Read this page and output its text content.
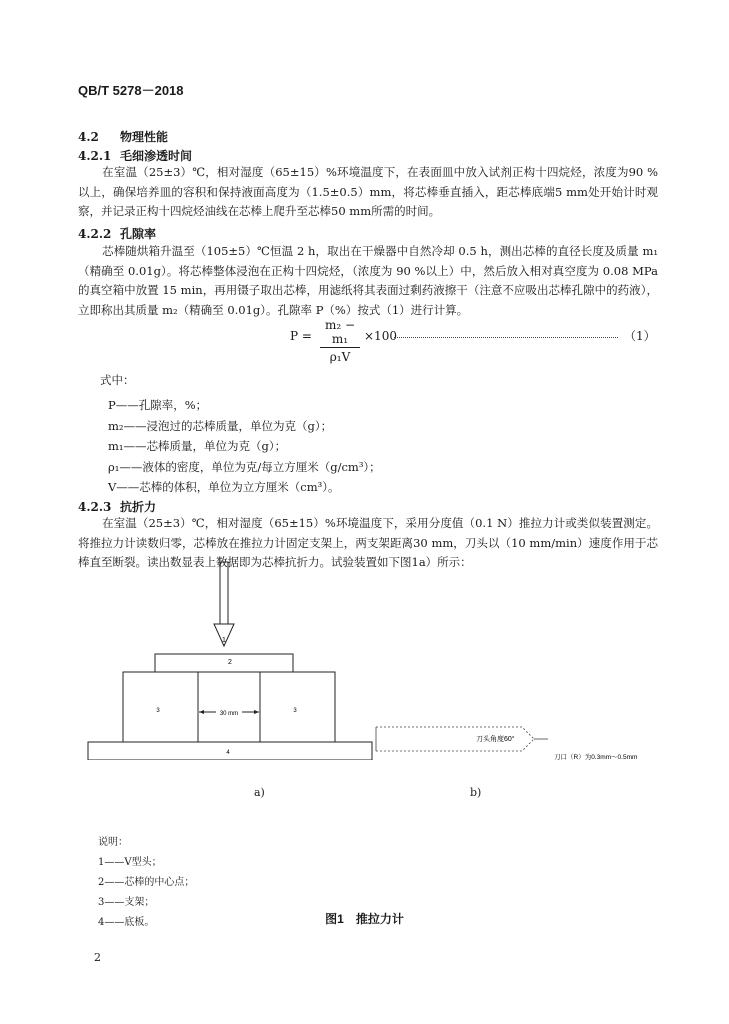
QB/T 5278－2018
4.2 物理性能
4.2.1 毛细渗透时间
在室温（25±3）℃，相对湿度（65±15）%环境温度下，在表面皿中放入试剂正构十四烷烃，浓度为90 %以上，确保培养皿的容积和保持液面高度为（1.5±0.5）mm，将芯棒垂直插入，距芯棒底端5 mm处开始计时观察，并记录正构十四烷烃油线在芯棒上爬升至芯棒50 mm所需的时间。
4.2.2 孔隙率
芯棒随烘箱升温至（105±5）℃恒温 2 h，取出在干燥器中自然冷却 0.5 h，测出芯棒的直径长度及质量 m₁（精确至 0.01g）。将芯棒整体浸泡在正构十四烷烃，（浓度为 90 %以上）中，然后放入相对真空度为 0.08 MPa 的真空箱中放置 15 min，再用镊子取出芯棒，用滤纸将其表面过剩药液擦干（注意不应吸出芯棒孔隙中的药液），立即称出其质量 m₂（精确至 0.01g）。孔隙率 P（%）按式（1）进行计算。
$P = \frac{\text{m₂ − m₁}}{\text{ρ₁V}} \times 100$	（1）
式中：
P——孔隙率，%；
m₂——浸泡过的芯棒质量，单位为克（g）；
m₁——芯棒质量，单位为克（g）；
ρ₁——液体的密度，单位为克/每立方厘米（g/cm³）；
V——芯棒的体积，单位为立方厘米（cm³）。
4.2.3 抗折力
在室温（25±3）℃，相对湿度（65±15）%环境温度下，采用分度值（0.1 N）推拉力计或类似装置测定。将推拉力计读数归零，芯棒放在推拉力计固定支架上，两支架距离30 mm，刀头以（10 mm/min）速度作用于芯棒直至断裂。读出数显表上数据即为芯棒抗折力。试验装置如下图1a）所示：
1
2
3	3
30 mm
4
刀头角度60°
刀口（R）为0.3mm～0.5mm
a)	b)
说明：
1——V型头；
2——芯棒的中心点；
3——支架；
4——底板。	图1　推拉力计
2
